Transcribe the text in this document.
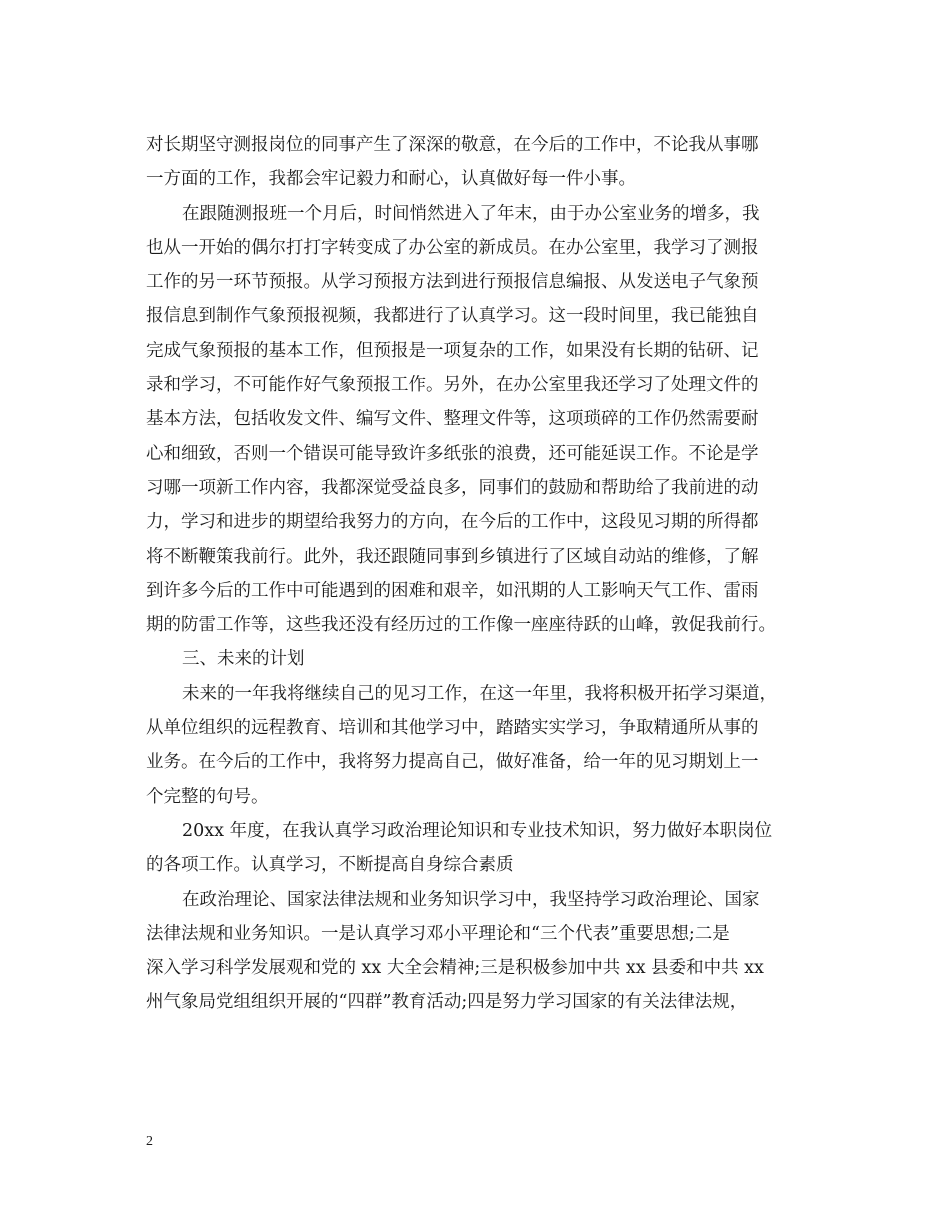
对长期坚守测报岗位的同事产生了深深的敬意，在今后的工作中，不论我从事哪
一方面的工作，我都会牢记毅力和耐心，认真做好每一件小事。
在跟随测报班一个月后，时间悄然进入了年末，由于办公室业务的增多，我
也从一开始的偶尔打打字转变成了办公室的新成员。在办公室里，我学习了测报
工作的另一环节预报。从学习预报方法到进行预报信息编报、从发送电子气象预
报信息到制作气象预报视频，我都进行了认真学习。这一段时间里，我已能独自
完成气象预报的基本工作，但预报是一项复杂的工作，如果没有长期的钻研、记
录和学习，不可能作好气象预报工作。另外，在办公室里我还学习了处理文件的
基本方法，包括收发文件、编写文件、整理文件等，这项琐碎的工作仍然需要耐
心和细致，否则一个错误可能导致许多纸张的浪费，还可能延误工作。不论是学
习哪一项新工作内容，我都深觉受益良多，同事们的鼓励和帮助给了我前进的动
力，学习和进步的期望给我努力的方向，在今后的工作中，这段见习期的所得都
将不断鞭策我前行。此外，我还跟随同事到乡镇进行了区域自动站的维修，了解
到许多今后的工作中可能遇到的困难和艰辛，如汛期的人工影响天气工作、雷雨
期的防雷工作等，这些我还没有经历过的工作像一座座待跃的山峰，敦促我前行。
三、未来的计划
未来的一年我将继续自己的见习工作，在这一年里，我将积极开拓学习渠道，
从单位组织的远程教育、培训和其他学习中，踏踏实实学习，争取精通所从事的
业务。在今后的工作中，我将努力提高自己，做好准备，给一年的见习期划上一
个完整的句号。
20xx 年度，在我认真学习政治理论知识和专业技术知识，努力做好本职岗位
的各项工作。认真学习，不断提高自身综合素质
在政治理论、国家法律法规和业务知识学习中，我坚持学习政治理论、国家
法律法规和业务知识。一是认真学习邓小平理论和“三个代表”重要思想;二是
深入学习科学发展观和党的 xx 大全会精神;三是积极参加中共 xx 县委和中共 xx
州气象局党组组织开展的“四群”教育活动;四是努力学习国家的有关法律法规，
2
